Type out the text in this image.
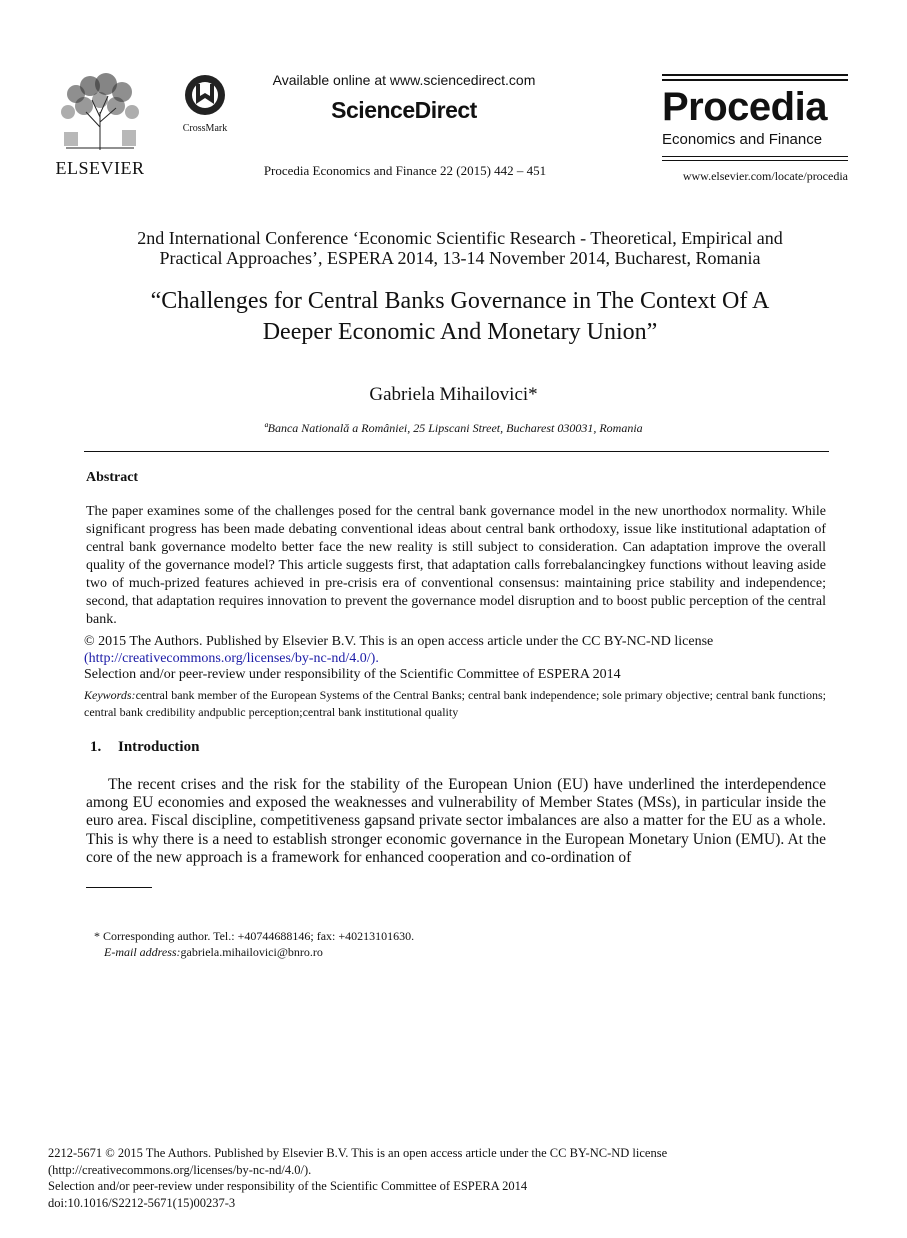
ELSEVIER
CrossMark
Available online at www.sciencedirect.com
ScienceDirect
Procedia Economics and Finance 22 (2015) 442 – 451
Procedia
Economics and Finance
www.elsevier.com/locate/procedia
2nd International Conference ‘Economic Scientific Research - Theoretical, Empirical and
Practical Approaches’, ESPERA 2014, 13-14 November 2014, Bucharest, Romania
“Challenges for Central Banks Governance in The Context Of A
Deeper Economic And Monetary Union”
Gabriela Mihailovici*
ªBanca Natională a României, 25 Lipscani Street, Bucharest 030031, Romania
Abstract
The paper examines some of the challenges posed for the central bank governance model in the new unorthodox normality. While significant progress has been made debating conventional ideas about central bank orthodoxy, issue like institutional adaptation of central bank governance modelto better face the new reality is still subject to consideration. Can adaptation improve the overall quality of the governance model? This article suggests first, that adaptation calls forrebalancingkey functions without leaving aside two of much-prized features achieved in pre-crisis era of conventional consensus: maintaining price stability and independence; second, that adaptation requires innovation to prevent the governance model disruption and to boost public perception of the central bank.
© 2015 The Authors. Published by Elsevier B.V. This is an open access article under the CC BY-NC-ND license
(http://creativecommons.org/licenses/by-nc-nd/4.0/).
Selection and/or peer-review under responsibility of the Scientific Committee of ESPERA 2014
Keywords:central bank member of the European Systems of the Central Banks; central bank independence; sole primary objective; central bank functions; central bank credibility andpublic perception;central bank institutional quality
1. Introduction
The recent crises and the risk for the stability of the European Union (EU) have underlined the interdependence among EU economies and exposed the weaknesses and vulnerability of Member States (MSs), in particular inside the euro area. Fiscal discipline, competitiveness gapsand private sector imbalances are also a matter for the EU as a whole. This is why there is a need to establish stronger economic governance in the European Monetary Union (EMU). At the core of the new approach is a framework for enhanced cooperation and co-ordination of
* Corresponding author. Tel.: +40744688146; fax: +40213101630.
E-mail address:gabriela.mihailovici@bnro.ro
2212-5671 © 2015 The Authors. Published by Elsevier B.V. This is an open access article under the CC BY-NC-ND license
(http://creativecommons.org/licenses/by-nc-nd/4.0/).
Selection and/or peer-review under responsibility of the Scientific Committee of ESPERA 2014
doi:10.1016/S2212-5671(15)00237-3
